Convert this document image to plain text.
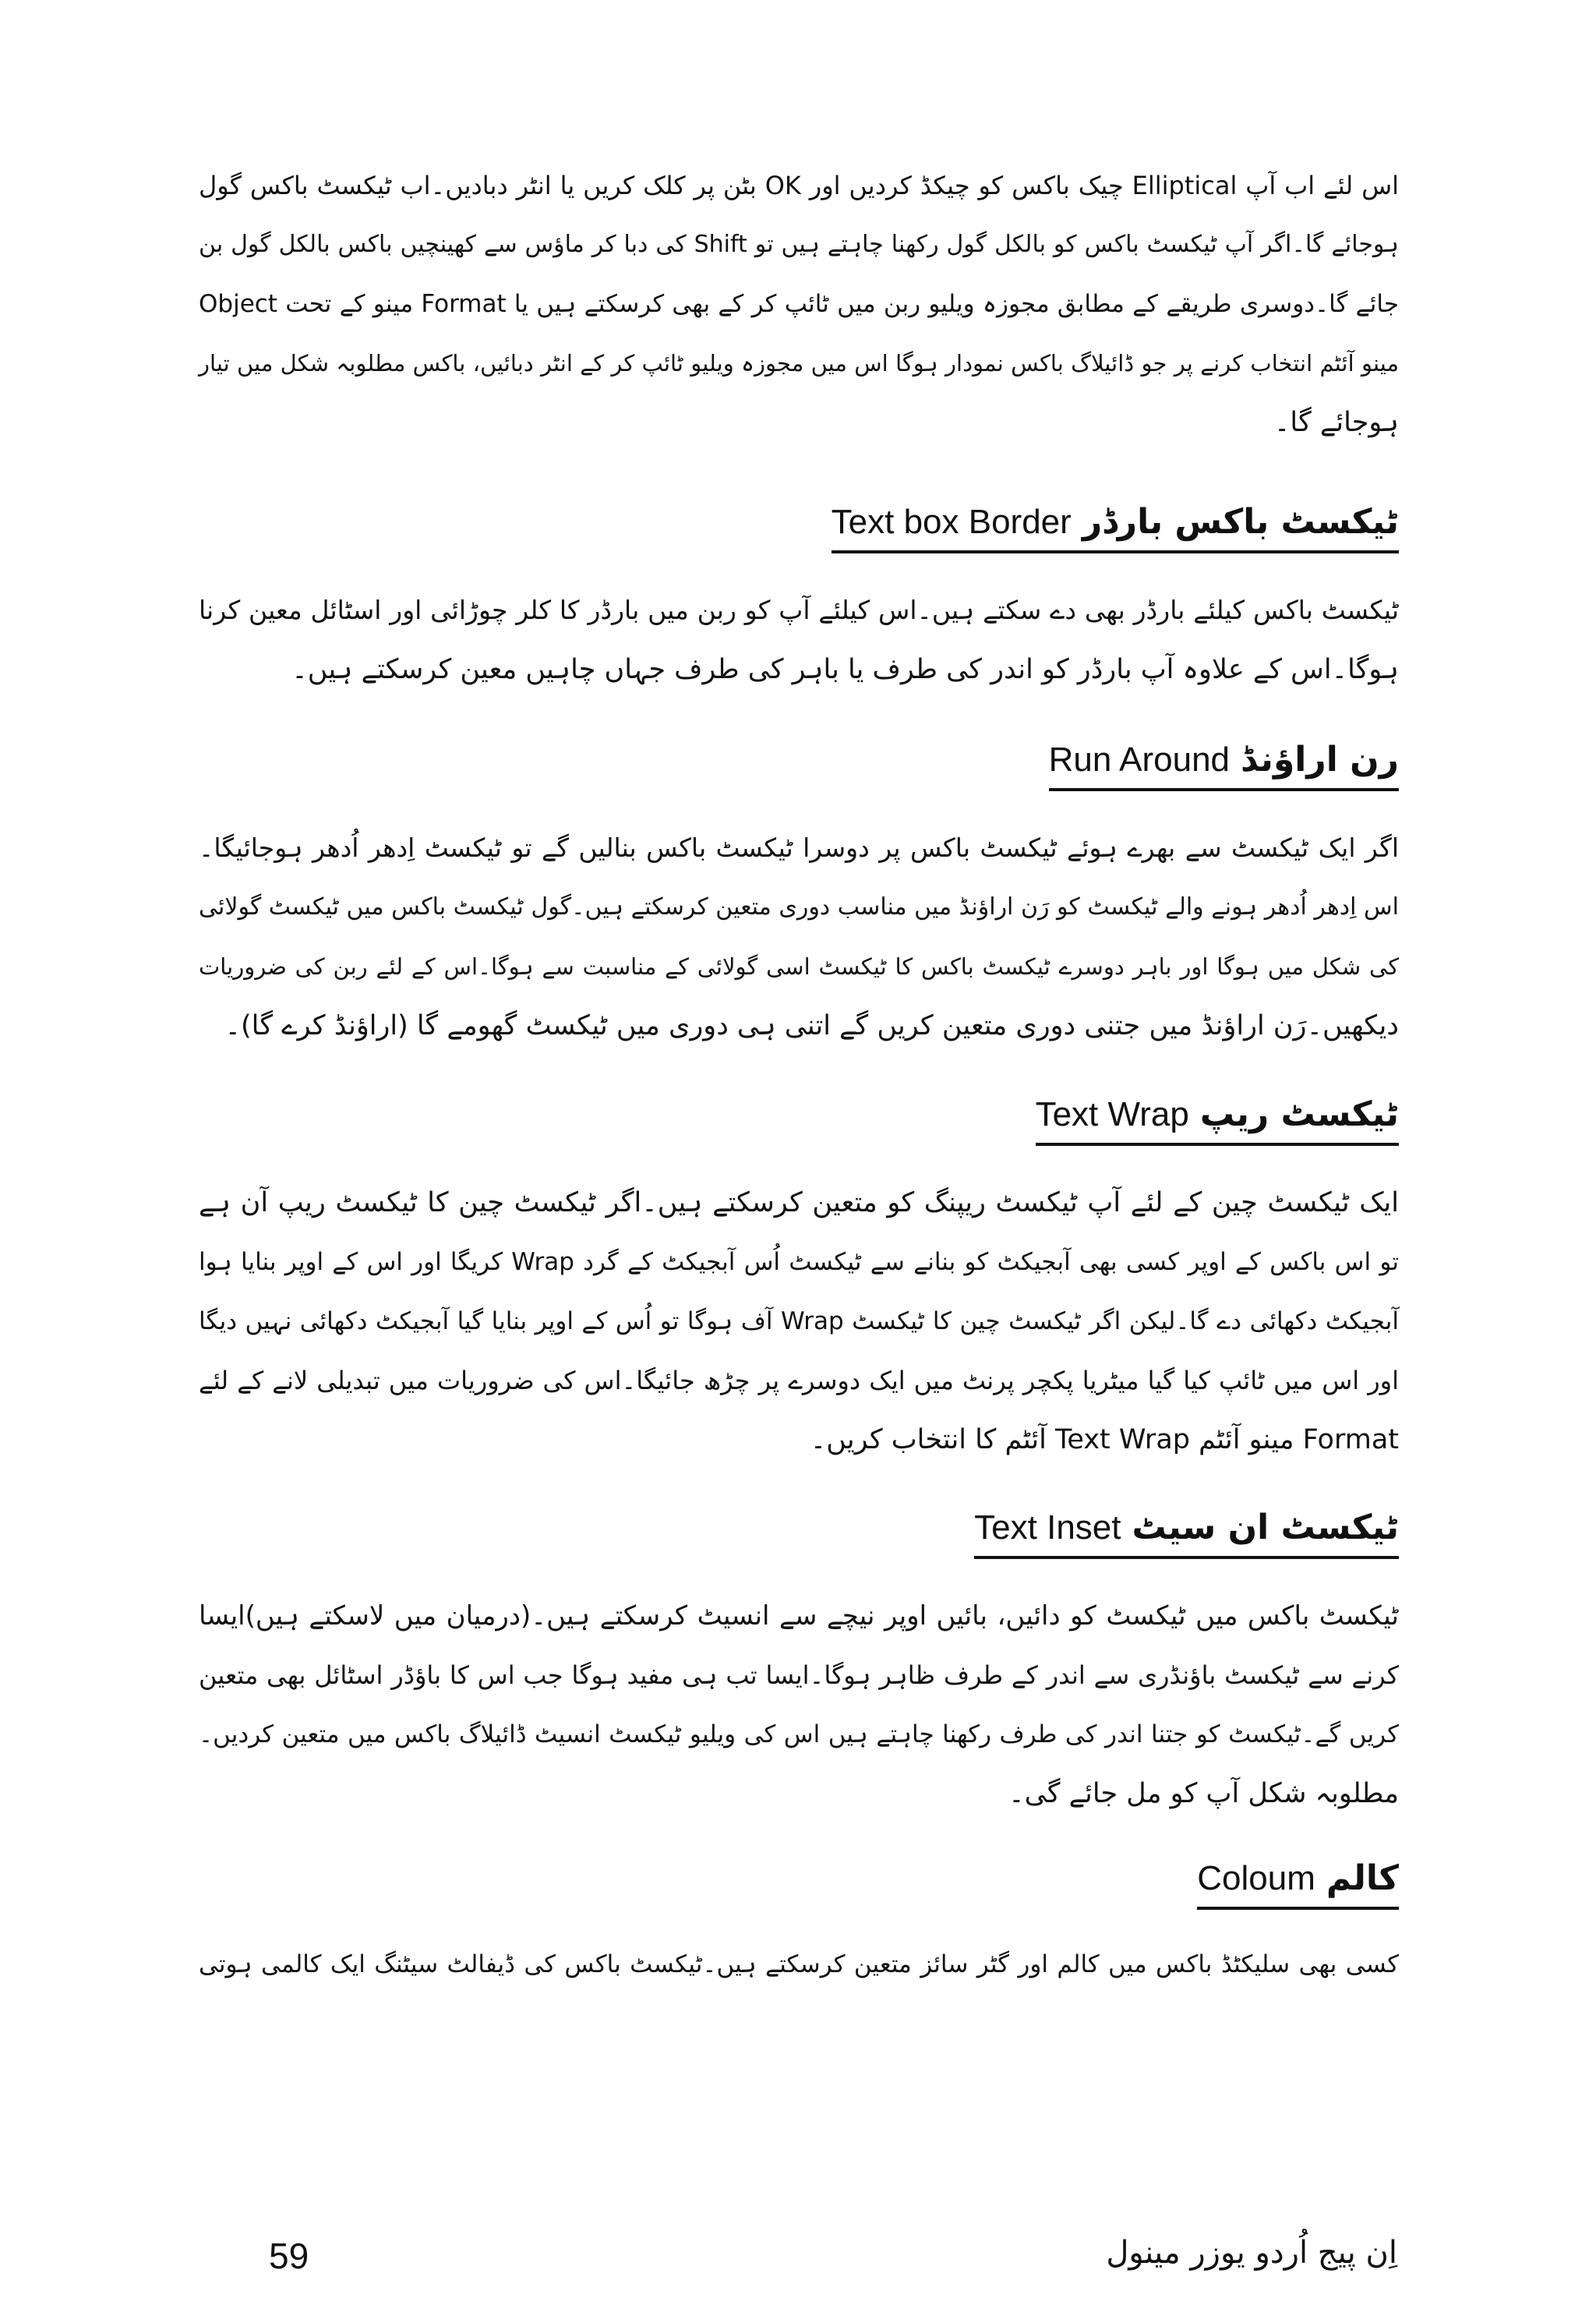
اس لئے اب آپ Elliptical چیک باکس کو چیکڈ کردیں اور OK بٹن پر کلک کریں یا انٹر دبادیں۔اب ٹیکسٹ باکس گول
ہوجائے گا۔اگر آپ ٹیکسٹ باکس کو بالکل گول رکھنا چاہتے ہیں تو Shift کی دبا کر ماؤس سے کھینچیں باکس بالکل گول بن
جائے گا۔دوسری طریقے کے مطابق مجوزہ ویلیو ربن میں ٹائپ کر کے بھی کرسکتے ہیں یا Format مینو کے تحت Object
مینو آئٹم انتخاب کرنے پر جو ڈائیلاگ باکس نمودار ہوگا اس میں مجوزہ ویلیو ٹائپ کر کے انٹر دبائیں، باکس مطلوبہ شکل میں تیار
ہوجائے گا۔
ٹیکسٹ باکس بارڈر Text box Border
ٹیکسٹ باکس کیلئے بارڈر بھی دے سکتے ہیں۔اس کیلئے آپ کو ربن میں بارڈر کا کلر چوڑائی اور اسٹائل معین کرنا
ہوگا۔اس کے علاوہ آپ بارڈر کو اندر کی طرف یا باہر کی طرف جہاں چاہیں معین کرسکتے ہیں۔
رن اراؤنڈ Run Around
اگر ایک ٹیکسٹ سے بھرے ہوئے ٹیکسٹ باکس پر دوسرا ٹیکسٹ باکس بنالیں گے تو ٹیکسٹ اِدھر اُدھر ہوجائیگا۔
اس اِدھر اُدھر ہونے والے ٹیکسٹ کو رَن اراؤنڈ میں مناسب دوری متعین کرسکتے ہیں۔گول ٹیکسٹ باکس میں ٹیکسٹ گولائی
کی شکل میں ہوگا اور باہر دوسرے ٹیکسٹ باکس کا ٹیکسٹ اسی گولائی کے مناسبت سے ہوگا۔اس کے لئے ربن کی ضروریات
دیکھیں۔رَن اراؤنڈ میں جتنی دوری متعین کریں گے اتنی ہی دوری میں ٹیکسٹ گھومے گا (اراؤنڈ کرے گا)۔
ٹیکسٹ ریپ Text Wrap
ایک ٹیکسٹ چین کے لئے آپ ٹیکسٹ ریپنگ کو متعین کرسکتے ہیں۔اگر ٹیکسٹ چین کا ٹیکسٹ ریپ آن ہے
تو اس باکس کے اوپر کسی بھی آبجیکٹ کو بنانے سے ٹیکسٹ اُس آبجیکٹ کے گرد Wrap کریگا اور اس کے اوپر بنایا ہوا
آبجیکٹ دکھائی دے گا۔لیکن اگر ٹیکسٹ چین کا ٹیکسٹ Wrap آف ہوگا تو اُس کے اوپر بنایا گیا آبجیکٹ دکھائی نہیں دیگا
اور اس میں ٹائپ کیا گیا میٹریا پکچر پرنٹ میں ایک دوسرے پر چڑھ جائیگا۔اس کی ضروریات میں تبدیلی لانے کے لئے
Format مینو آئٹم Text Wrap آئٹم کا انتخاب کریں۔
ٹیکسٹ ان سیٹ Text Inset
ٹیکسٹ باکس میں ٹیکسٹ کو دائیں، بائیں اوپر نیچے سے انسیٹ کرسکتے ہیں۔(درمیان میں لاسکتے ہیں)ایسا
کرنے سے ٹیکسٹ باؤنڈری سے اندر کے طرف ظاہر ہوگا۔ایسا تب ہی مفید ہوگا جب اس کا باؤڈر اسٹائل بھی متعین
کریں گے۔ٹیکسٹ کو جتنا اندر کی طرف رکھنا چاہتے ہیں اس کی ویلیو ٹیکسٹ انسیٹ ڈائیلاگ باکس میں متعین کردیں۔
مطلوبہ شکل آپ کو مل جائے گی۔
کالم Coloum
کسی بھی سلیکٹڈ باکس میں کالم اور گٹر سائز متعین کرسکتے ہیں۔ٹیکسٹ باکس کی ڈیفالٹ سیٹنگ ایک کالمی ہوتی
59	اِن پیج اُردو یوزر مینول
